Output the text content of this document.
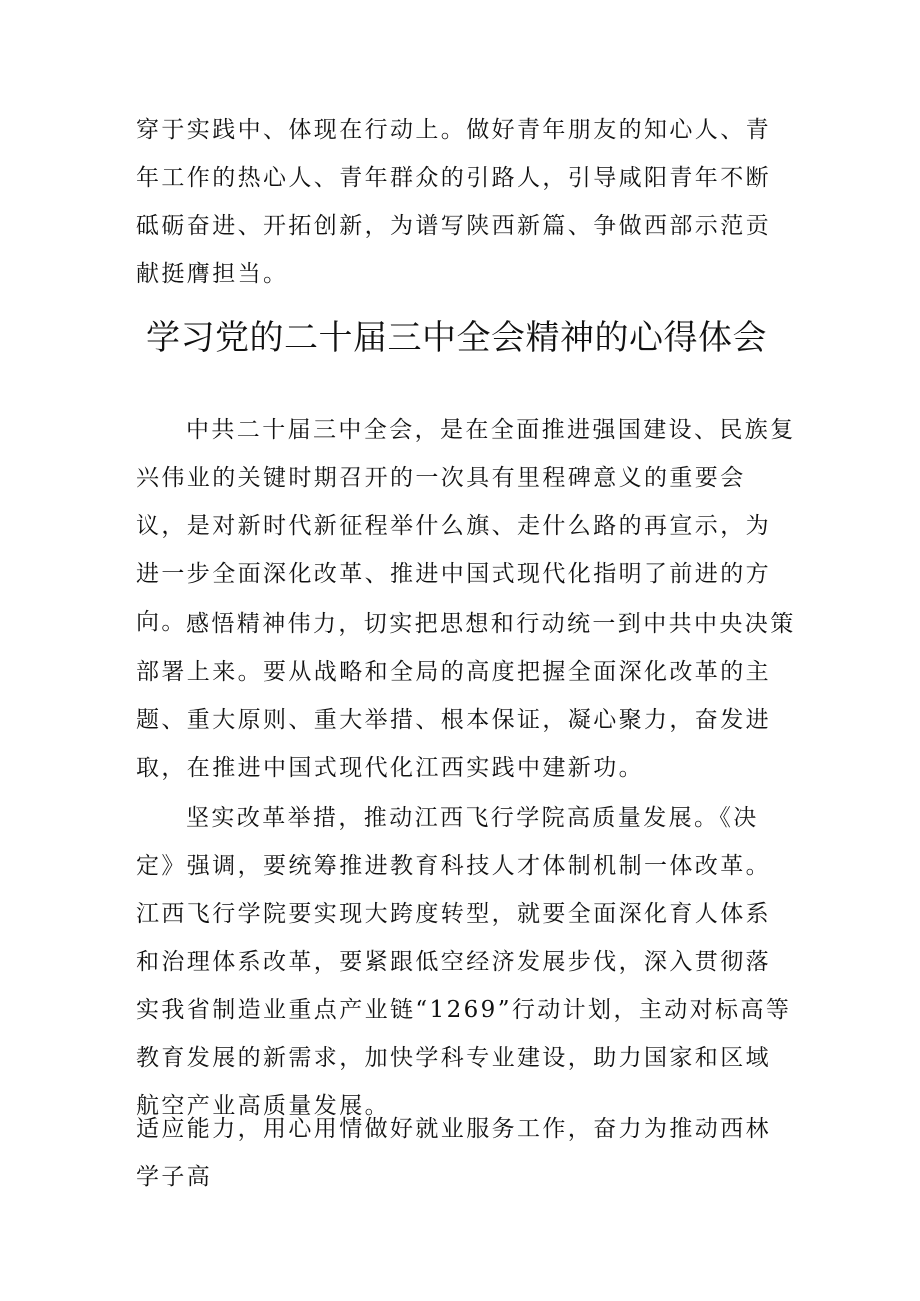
穿于实践中、体现在行动上。做好青年朋友的知心人、青年工作的热心人、青年群众的引路人，引导咸阳青年不断砥砺奋进、开拓创新，为谱写陕西新篇、争做西部示范贡献挺膺担当。

学习党的二十届三中全会精神的心得体会

中共二十届三中全会，是在全面推进强国建设、民族复兴伟业的关键时期召开的一次具有里程碑意义的重要会议，是对新时代新征程举什么旗、走什么路的再宣示，为进一步全面深化改革、推进中国式现代化指明了前进的方向。 感悟精神伟力，切实把思想和行动统一到中共中央决策部署上来。要从战略和全局的高度把握全面深化改革的主题、重大原则、重大举措、根本保证，凝心聚力，奋发进取，在推进中国式现代化江西实践中建新功。

坚实改革举措，推动江西飞行学院高质量发展。《决定》强调，要统筹推进教育科技人才体制机制一体改革。江西飞行学院要实现大跨度转型，就要全面深化育人体系和治理体系改革，要紧跟低空经济发展步伐，深入贯彻落实我省制造业重点产业链“1269”行动计划，主动对标高等教育发展的新需求，加快学科专业建设，助力国家和区域航空产业高质量发展。

适应能力，用心用情做好就业服务工作，奋力为推动西林学子高
